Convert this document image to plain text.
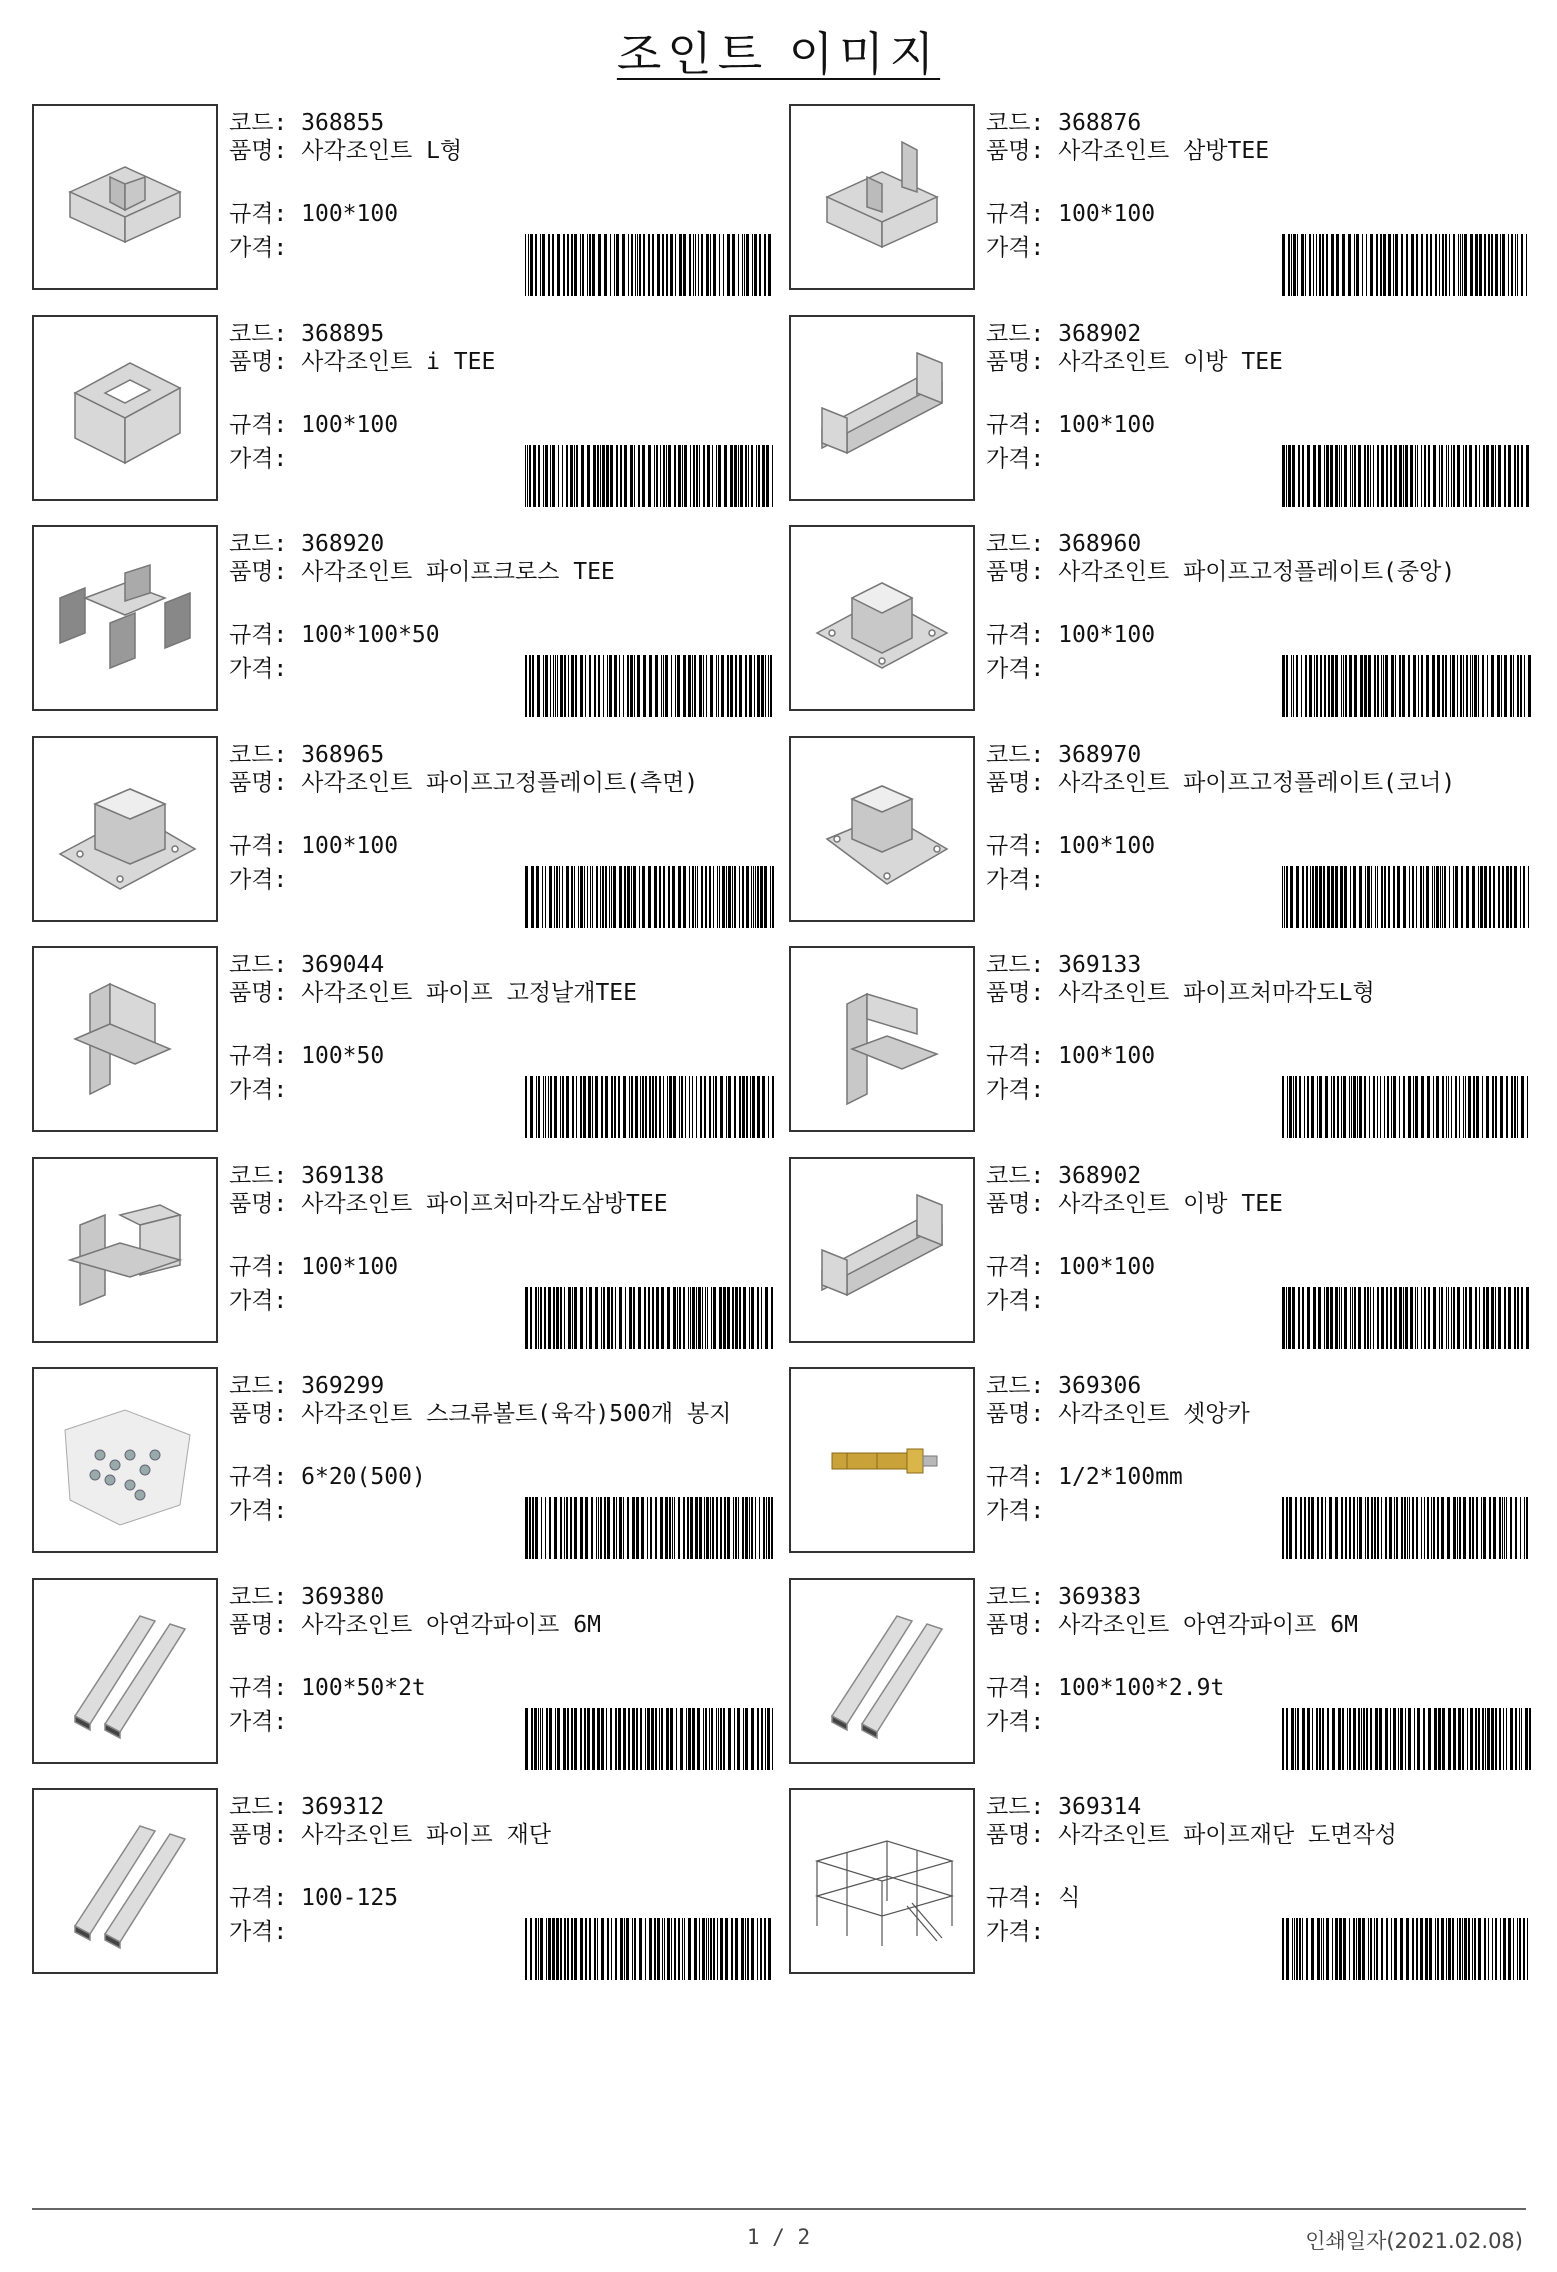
조인트 이미지
코드: 368855
품명: 사각조인트 L형
규격: 100*100
가격:
코드: 368876
품명: 사각조인트 삼방TEE
규격: 100*100
가격:
코드: 368895
품명: 사각조인트 i TEE
규격: 100*100
가격:
코드: 368902
품명: 사각조인트 이방 TEE
규격: 100*100
가격:
코드: 368920
품명: 사각조인트 파이프크로스 TEE
규격: 100*100*50
가격:
코드: 368960
품명: 사각조인트 파이프고정플레이트(중앙)
규격: 100*100
가격:
코드: 368965
품명: 사각조인트 파이프고정플레이트(측면)
규격: 100*100
가격:
코드: 368970
품명: 사각조인트 파이프고정플레이트(코너)
규격: 100*100
가격:
코드: 369044
품명: 사각조인트 파이프 고정날개TEE
규격: 100*50
가격:
코드: 369133
품명: 사각조인트 파이프처마각도L형
규격: 100*100
가격:
코드: 369138
품명: 사각조인트 파이프처마각도삼방TEE
규격: 100*100
가격:
코드: 368902
품명: 사각조인트 이방 TEE
규격: 100*100
가격:
코드: 369299
품명: 사각조인트 스크류볼트(육각)500개 봉지
규격: 6*20(500)
가격:
코드: 369306
품명: 사각조인트 셋앙카
규격: 1/2*100mm
가격:
코드: 369380
품명: 사각조인트 아연각파이프 6M
규격: 100*50*2t
가격:
코드: 369383
품명: 사각조인트 아연각파이프 6M
규격: 100*100*2.9t
가격:
코드: 369312
품명: 사각조인트 파이프 재단
규격: 100-125
가격:
코드: 369314
품명: 사각조인트 파이프재단 도면작성
규격: 식
가격:
1 / 2	인쇄일자(2021.02.08)
